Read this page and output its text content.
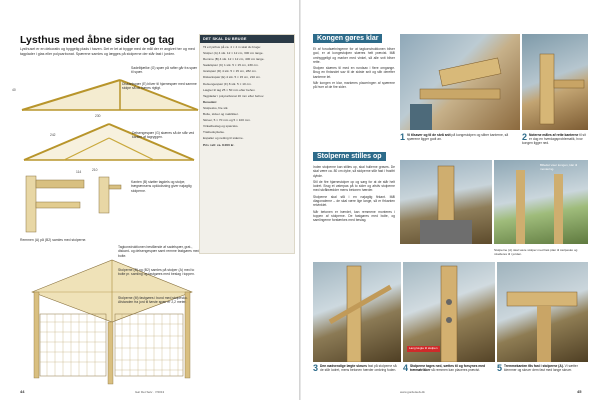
Lysthus med åbne sider og tag
Lysthuset er en dekorativ og hyggelig plads i haven. Det er let at bygge med de mål der er angivet her og med tagplader i glas eller polycarbonat. Spærene samles og lægges på stolperne der står fast i jorden.
230
40
Sadelbjælke (G) spær på rafter går fra spær til spær.
Diskantspær (E) bliver til hjørnespær med samme stolpe så de bæres rigtigt.
242
210
Delsengespær (G) skæres så de står ved kanten af tagryggen.
Kanten (B) støtter tagdels og stolpe, trægrænsens opklodsning giver nøjagtig stolperne.
Remmen (A) på (B2) samles med stolperne.
114
Tagkonstruktionen bestående af sadelspær, grat-, diskant- og delsengespær samt remme fastgøres med bolte.
Stolperne (B) og (B2) samles på stolper (A) med to bolte pr. samling og fastgøres med beslag i toppen.
Stolperne (M) fastgøres i bund med stolpesko. Afstanden fra jord til første spær er 2,2 meter.
DET SKAL DU BRUGE

Til et lysthus på ca. 4 × 4 m skal du bruge:

Stolper (A) 4 stk. 12 × 12 cm, 300 cm lange.

Remme (B) 4 stk. 12 × 12 cm, 400 cm lange.

Sadelspær (C) 1 stk. 5 × 15 cm, 230 cm.

Gratspær (D) 4 stk. 5 × 15 cm, 282 cm.

Diskantspær (E) 4 stk. 5 × 15 cm, 210 cm.

Delsengespær (F) 8 stk. 5 × 10 cm.

Lægter til tag 25 × 50 mm efter behov.

Tagplader i polycarbonat 16 mm efter behov.

Desuden:

Stolpesko, fire stk.

Bolte, skiver og møtrikker.

Skruer, 5 × 70 mm og 5 × 100 mm.

Vinkelbeslag og spærsko.

Træbeskyttelse.

Espalier og netting til siderne.

Pris i alt: ca. 8.000 kr.

44	Gør Det Selv · 7/2013
Kongen gøres klar

Et af forudsætningerne for at tagkonstruktionen bliver god, er at kongestolpen skæres helt præcist. Mål omhyggeligt og marker med vinkel, så alle snit bliver rette.

Stolpen skæres til med en rundsav i flere omgange. Brug en fintandet sav til de sidste snit og slib derefter kanterne let.

Når kongen er klar, markeres placeringen af spærene på hver af de fire sider.

1 Vi tilsaver og til de skrå snit på kongestolpen og sliber kanterne, så spærene ligger godt an.	2 Noterne måles af rette kanterne til sit er dog en hverdagsproblematik, hvor kongen ligger ned.
Stolperne stilles op

Inden stolperne kan stilles op, skal hullerne graves. De skal være ca. 80 cm dybe, så stolperne står fast i frostfri dybde.

Stil de fire hjørnestolper op og sørg for at de står helt lodret. Brug et vaterpas på to sider og afstiv stolperne med skråbrædder mens betonen hærder.

Stolperne skal stå i en nøjagtig firkant. Mål diagonalerne – de skal være lige lange, så er firkanten retvinklet.

Når betonen er hærdet, kan remmene monteres i toppen af stolperne. De fastgøres med bolte, og samlingerne forstærkes med beslag.

Billedet viser kongen, klar til montering.
Stolperne (A) skal være stolper med fast plan til stolpesko og nivelleres til i jorden.
Lang lægte til stolpen
3 Den nødvendige lægte skrues fast på stolperne så de står lodret, mens betonen hærder omkring foden. 4 Stolperne tages ned, sættes til og forsynes med træmøtrikker så remmen kan placeres præcist.	5 Tremmekanten fås fast i stolperne (A). Vi sætter klemmer og skruer dem fast med lange skruer.
www.gordetselv.dk	45
